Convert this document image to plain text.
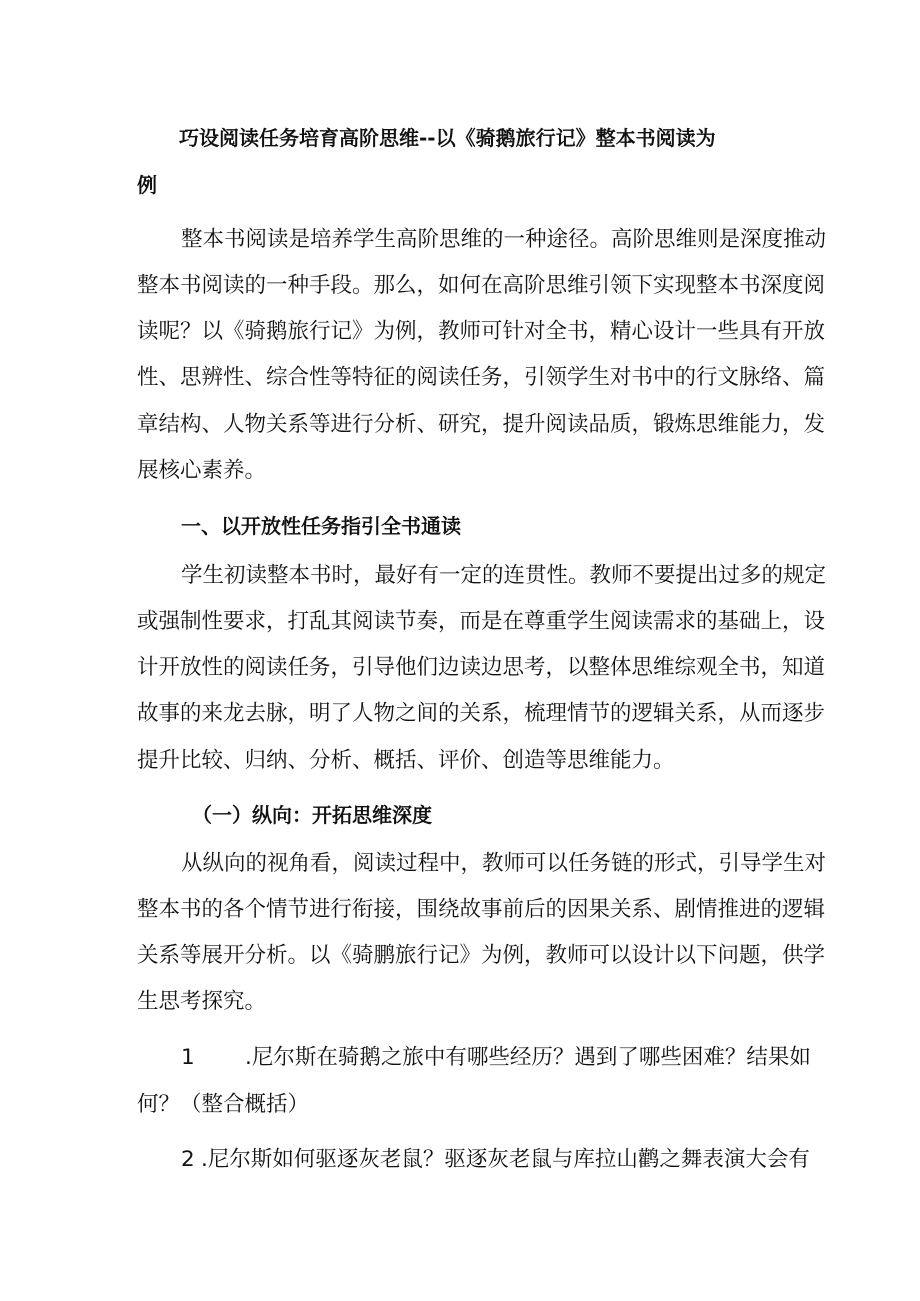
巧设阅读任务培育高阶思维--以《骑鹅旅行记》整本书阅读为
例
整本书阅读是培养学生高阶思维的一种途径。高阶思维则是深度推动
整本书阅读的一种手段。那么，如何在高阶思维引领下实现整本书深度阅
读呢？以《骑鹅旅行记》为例，教师可针对全书，精心设计一些具有开放
性、思辨性、综合性等特征的阅读任务，引领学生对书中的行文脉络、篇
章结构、人物关系等进行分析、研究，提升阅读品质，锻炼思维能力，发
展核心素养。
一、以开放性任务指引全书通读
学生初读整本书时，最好有一定的连贯性。教师不要提出过多的规定
或强制性要求，打乱其阅读节奏，而是在尊重学生阅读需求的基础上，设
计开放性的阅读任务，引导他们边读边思考，以整体思维综观全书，知道
故事的来龙去脉，明了人物之间的关系，梳理情节的逻辑关系，从而逐步
提升比较、归纳、分析、概括、评价、创造等思维能力。
（一）纵向：开拓思维深度
从纵向的视角看，阅读过程中，教师可以任务链的形式，引导学生对
整本书的各个情节进行衔接，围绕故事前后的因果关系、剧情推进的逻辑
关系等展开分析。以《骑鹏旅行记》为例，教师可以设计以下问题，供学
生思考探究。
1 .尼尔斯在骑鹅之旅中有哪些经历？遇到了哪些困难？结果如
何？（整合概括）
2 .尼尔斯如何驱逐灰老鼠？驱逐灰老鼠与库拉山鹳之舞表演大会有
